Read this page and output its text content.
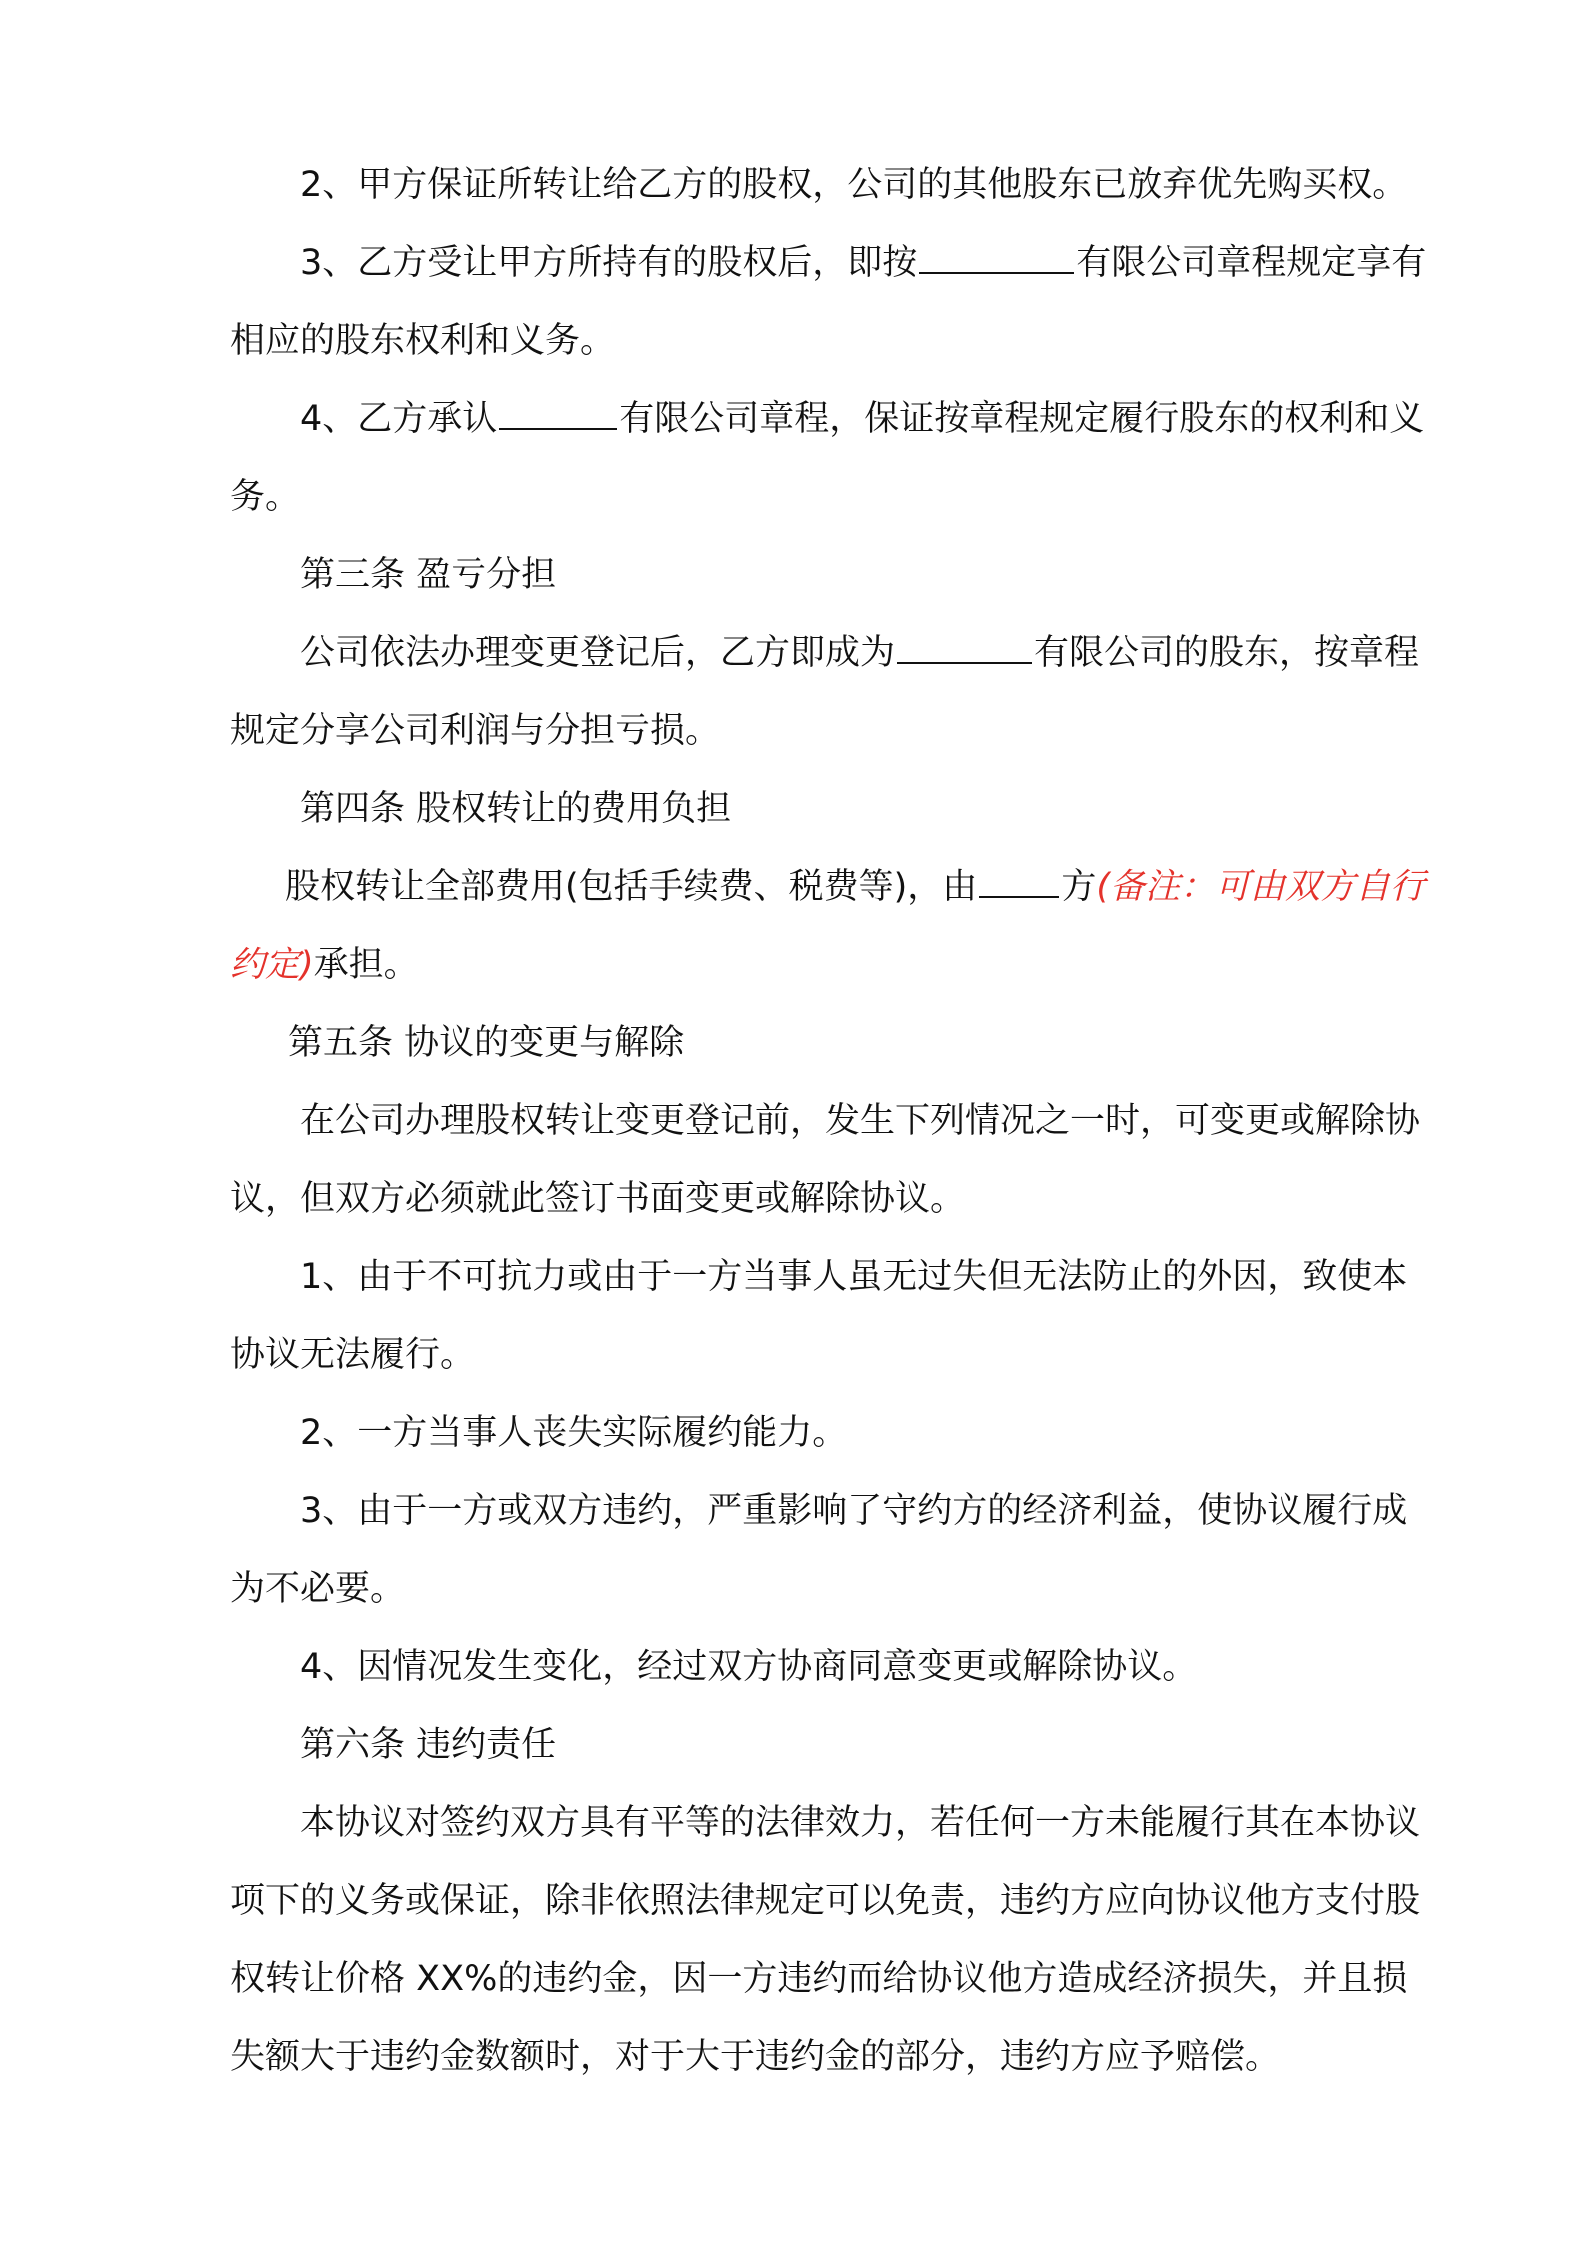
2、甲方保证所转让给乙方的股权，公司的其他股东已放弃优先购买权。

3、乙方受让甲方所持有的股权后，即按	有限公司章程规定享有相应的股东权利和义务。

4、乙方承认	有限公司章程，保证按章程规定履行股东的权利和义务。

第三条 盈亏分担

公司依法办理变更登记后，乙方即成为	有限公司的股东，按章程规定分享公司利润与分担亏损。

第四条 股权转让的费用负担

股权转让全部费用(包括手续费、税费等)，由 方(备注：可由双方自行约定)承担。

第五条 协议的变更与解除

在公司办理股权转让变更登记前，发生下列情况之一时，可变更或解除协议，但双方必须就此签订书面变更或解除协议。

1、由于不可抗力或由于一方当事人虽无过失但无法防止的外因，致使本协议无法履行。

2、一方当事人丧失实际履约能力。

3、由于一方或双方违约，严重影响了守约方的经济利益，使协议履行成为不必要。

4、因情况发生变化，经过双方协商同意变更或解除协议。

第六条 违约责任

本协议对签约双方具有平等的法律效力，若任何一方未能履行其在本协议项下的义务或保证，除非依照法律规定可以免责，违约方应向协议他方支付股权转让价格 XX%的违约金，因一方违约而给协议他方造成经济损失，并且损失额大于违约金数额时，对于大于违约金的部分，违约方应予赔偿。
